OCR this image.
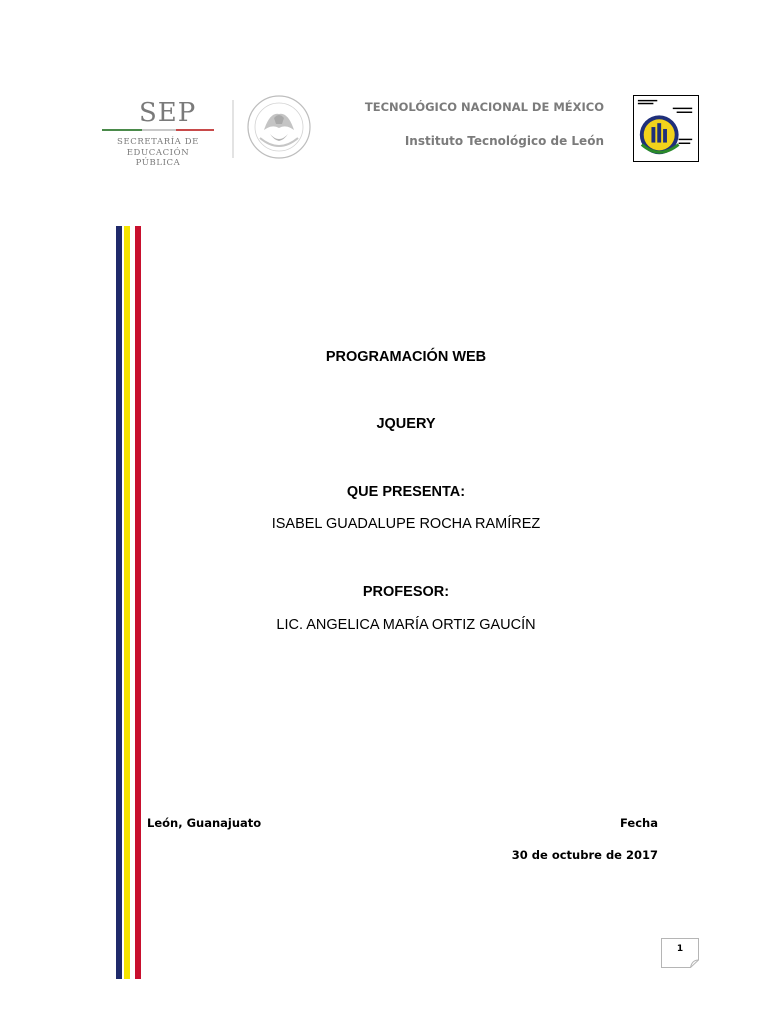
SEP
SECRETARÍA DE
EDUCACIÓN PÚBLICA
TECNOLÓGICO NACIONAL DE MÉXICO
Instituto Tecnológico de León
PROGRAMACIÓN WEB
JQUERY
QUE PRESENTA:
ISABEL GUADALUPE ROCHA RAMÍREZ
PROFESOR:
LIC. ANGELICA MARÍA ORTIZ GAUCÍN
León, Guanajuato	Fecha
30 de octubre de 2017
1
